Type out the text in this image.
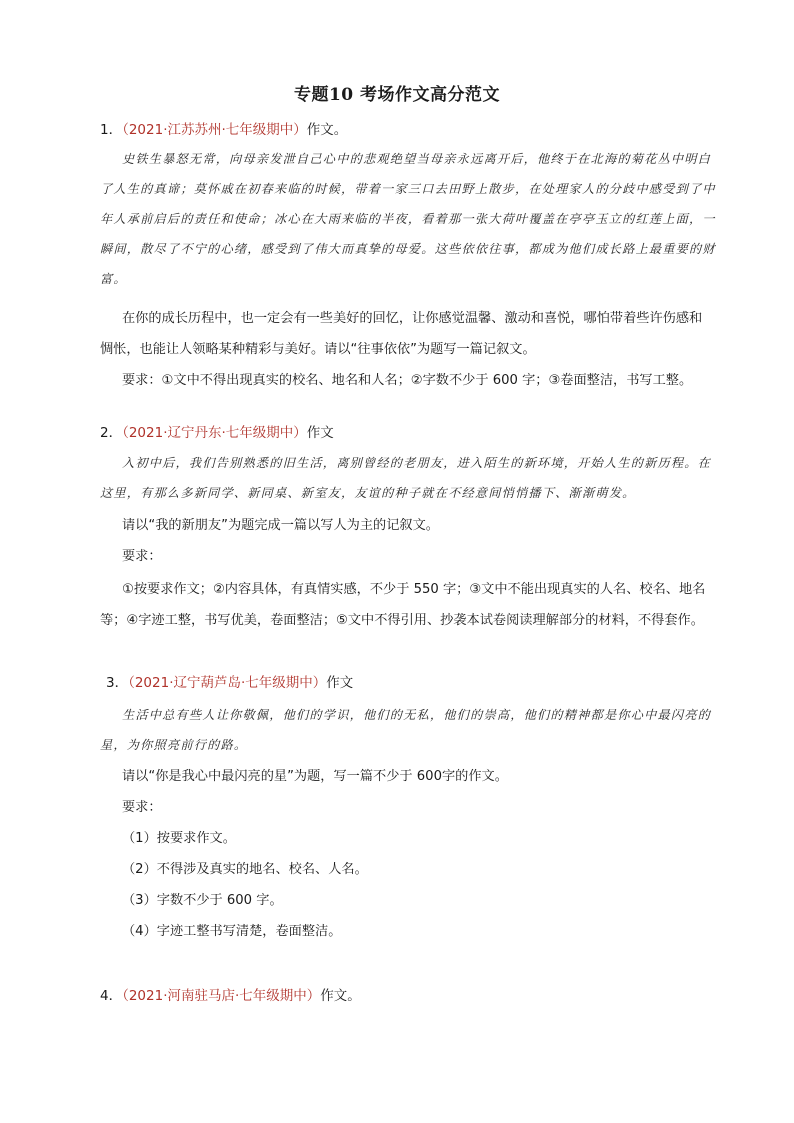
专题10 考场作文高分范文
1．（2021·江苏苏州·七年级期中）作文。
史铁生暴怒无常，向母亲发泄自己心中的悲观绝望当母亲永远离开后，他终于在北海的菊花丛中明白
了人生的真谛；莫怀戚在初春来临的时候，带着一家三口去田野上散步，在处理家人的分歧中感受到了中
年人承前启后的责任和使命；冰心在大雨来临的半夜，看着那一张大荷叶覆盖在亭亭玉立的红莲上面，一
瞬间，散尽了不宁的心绪，感受到了伟大而真挚的母爱。这些依依往事，都成为他们成长路上最重要的财
富。
在你的成长历程中，也一定会有一些美好的回忆，让你感觉温馨、激动和喜悦，哪怕带着些许伤感和
惆怅，也能让人领略某种精彩与美好。请以“往事依依”为题写一篇记叙文。
要求：①文中不得出现真实的校名、地名和人名；②字数不少于 600 字；③卷面整洁，书写工整。
2．（2021·辽宁丹东·七年级期中）作文
入初中后，我们告别熟悉的旧生活，离别曾经的老朋友，进入陌生的新环境，开始人生的新历程。在
这里，有那么多新同学、新同桌、新室友，友谊的种子就在不经意间悄悄播下、渐渐萌发。
请以“我的新朋友”为题完成一篇以写人为主的记叙文。
要求：
①按要求作文；②内容具体，有真情实感，不少于 550 字；③文中不能出现真实的人名、校名、地名
等；④字迹工整，书写优美，卷面整洁；⑤文中不得引用、抄袭本试卷阅读理解部分的材料，不得套作。
3．（2021·辽宁葫芦岛·七年级期中）作文
生活中总有些人让你敬佩，他们的学识，他们的无私，他们的崇高，他们的精神都是你心中最闪亮的
星，为你照亮前行的路。
请以“你是我心中最闪亮的星”为题，写一篇不少于 600字的作文。
要求：
（1）按要求作文。
（2）不得涉及真实的地名、校名、人名。
（3）字数不少于 600 字。
（4）字迹工整书写清楚，卷面整洁。
4．（2021·河南驻马店·七年级期中）作文。
